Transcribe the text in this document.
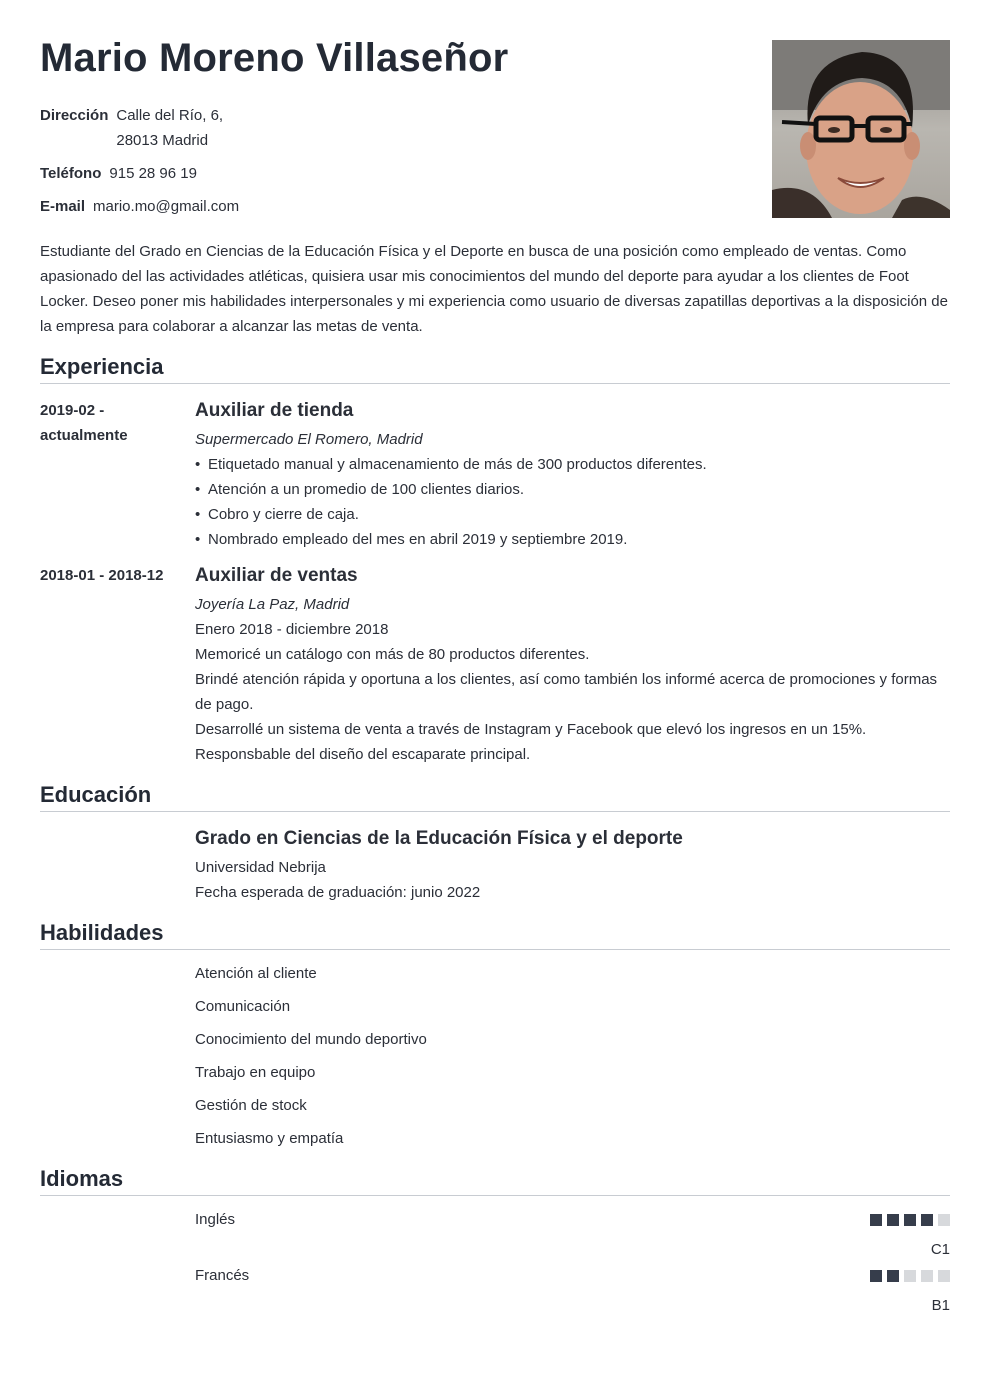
Mario Moreno Villaseñor
Dirección Calle del Río, 6,
28013 Madrid
Teléfono 915 28 96 19
E-mail mario.mo@gmail.com
Estudiante del Grado en Ciencias de la Educación Física y el Deporte en busca de una posición como empleado de ventas. Como apasionado del las actividades atléticas, quisiera usar mis conocimientos del mundo del deporte para ayudar a los clientes de Foot Locker. Deseo poner mis habilidades interpersonales y mi experiencia como usuario de diversas zapatillas deportivas a la disposición de la empresa para colaborar a alcanzar las metas de venta.
Experiencia
2019-02 -
actualmente
Auxiliar de tienda
Supermercado El Romero, Madrid
• Etiquetado manual y almacenamiento de más de 300 productos diferentes.
• Atención a un promedio de 100 clientes diarios.
• Cobro y cierre de caja.
• Nombrado empleado del mes en abril 2019 y septiembre 2019.
2018-01 - 2018-12	Auxiliar de ventas
Joyería La Paz, Madrid
Enero 2018 - diciembre 2018
Memoricé un catálogo con más de 80 productos diferentes.
Brindé atención rápida y oportuna a los clientes, así como también los informé acerca de promociones y formas de pago.
Desarrollé un sistema de venta a través de Instagram y Facebook que elevó los ingresos en un 15%.
Responsbable del diseño del escaparate principal.
Educación
Grado en Ciencias de la Educación Física y el deporte
Universidad Nebrija
Fecha esperada de graduación: junio 2022
Habilidades
Atención al cliente
Comunicación
Conocimiento del mundo deportivo
Trabajo en equipo
Gestión de stock
Entusiasmo y empatía
Idiomas
Inglés
C1
Francés
B1
